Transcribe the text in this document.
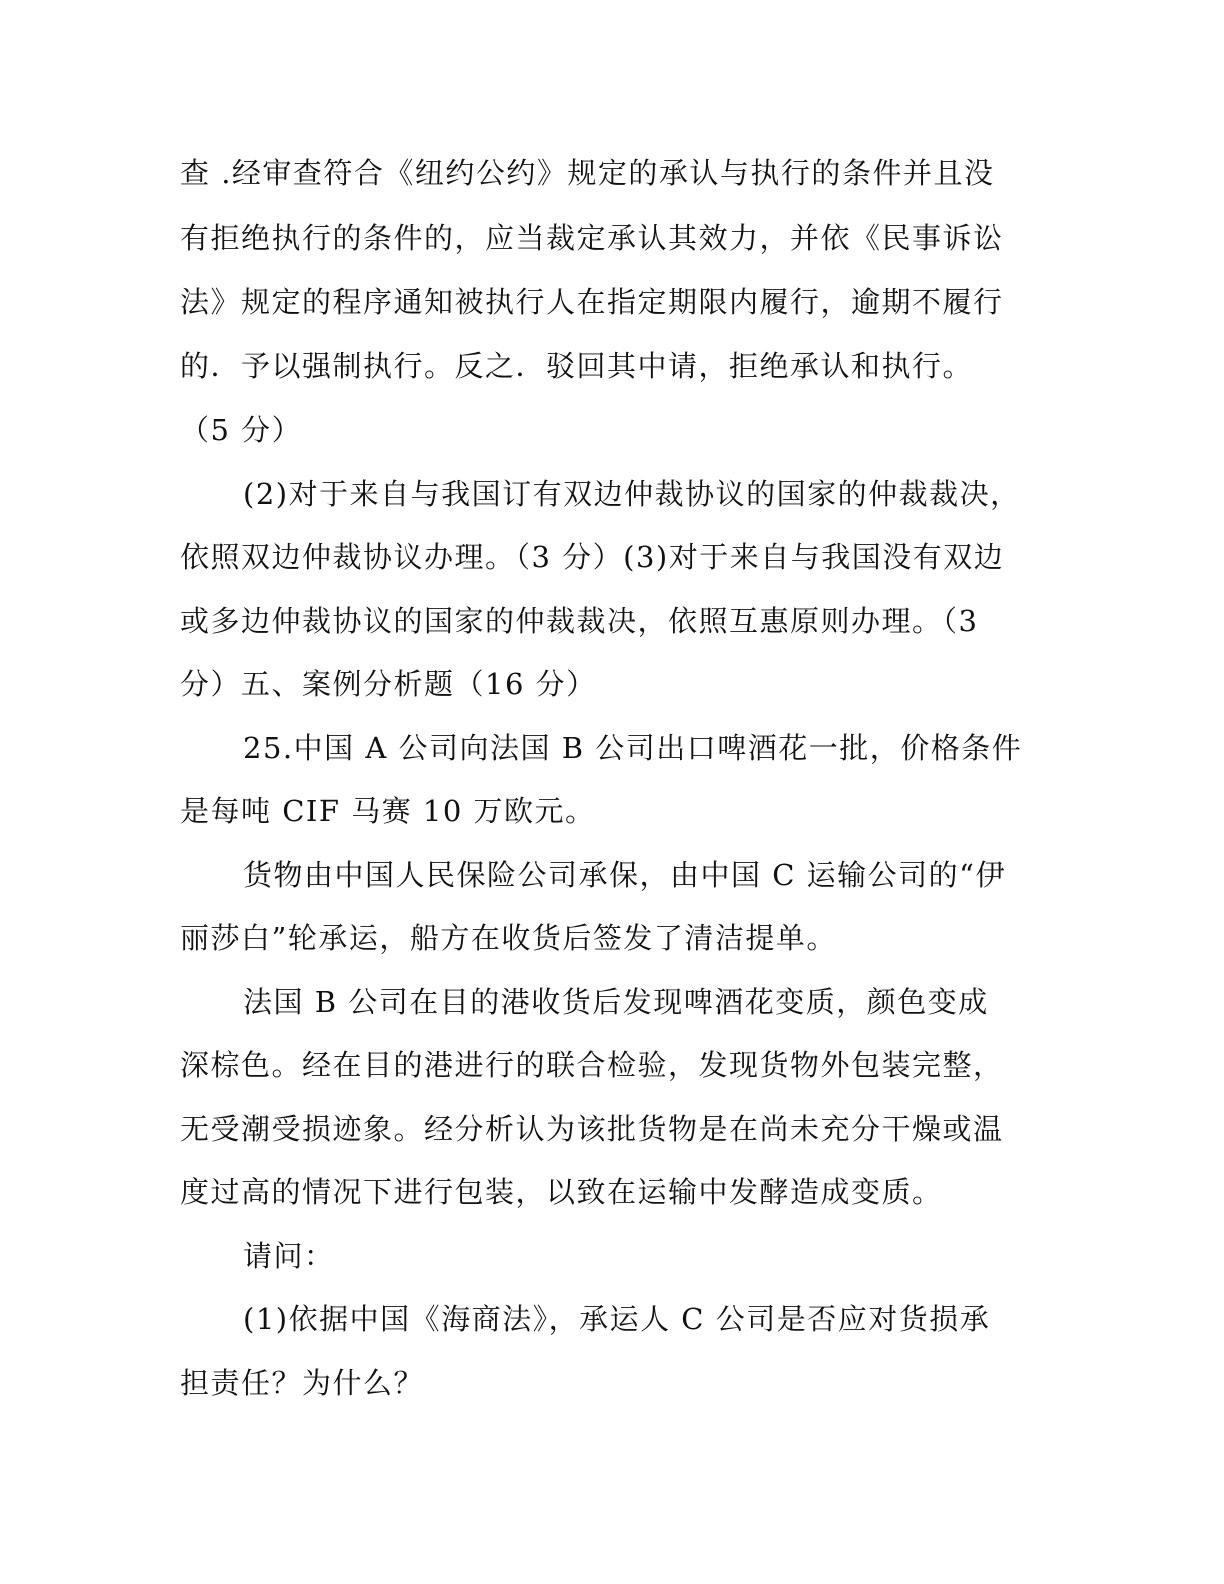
查 .经审查符合《纽约公约》规定的承认与执行的条件并且没
有拒绝执行的条件的，应当裁定承认其效力，并依《民事诉讼
法》规定的程序通知被执行人在指定期限内履行，逾期不履行
的．予以强制执行。反之．驳回其中请，拒绝承认和执行。
（5 分）
(2)对于来自与我国订有双边仲裁协议的国家的仲裁裁决，
依照双边仲裁协议办理。（3 分）(3)对于来自与我国没有双边
或多边仲裁协议的国家的仲裁裁决，依照互惠原则办理。（3
分）五、案例分析题（16 分）
25.中国 A 公司向法国 B 公司出口啤酒花一批，价格条件
是每吨 CIF 马赛 10 万欧元。
货物由中国人民保险公司承保，由中国 C 运输公司的“伊
丽莎白”轮承运，船方在收货后签发了清洁提单。
法国 B 公司在目的港收货后发现啤酒花变质，颜色变成
深棕色。经在目的港进行的联合检验，发现货物外包装完整，
无受潮受损迹象。经分析认为该批货物是在尚未充分干燥或温
度过高的情况下进行包装，以致在运输中发酵造成变质。
请问：
(1)依据中国《海商法》，承运人 C 公司是否应对货损承
担责任？为什么？
